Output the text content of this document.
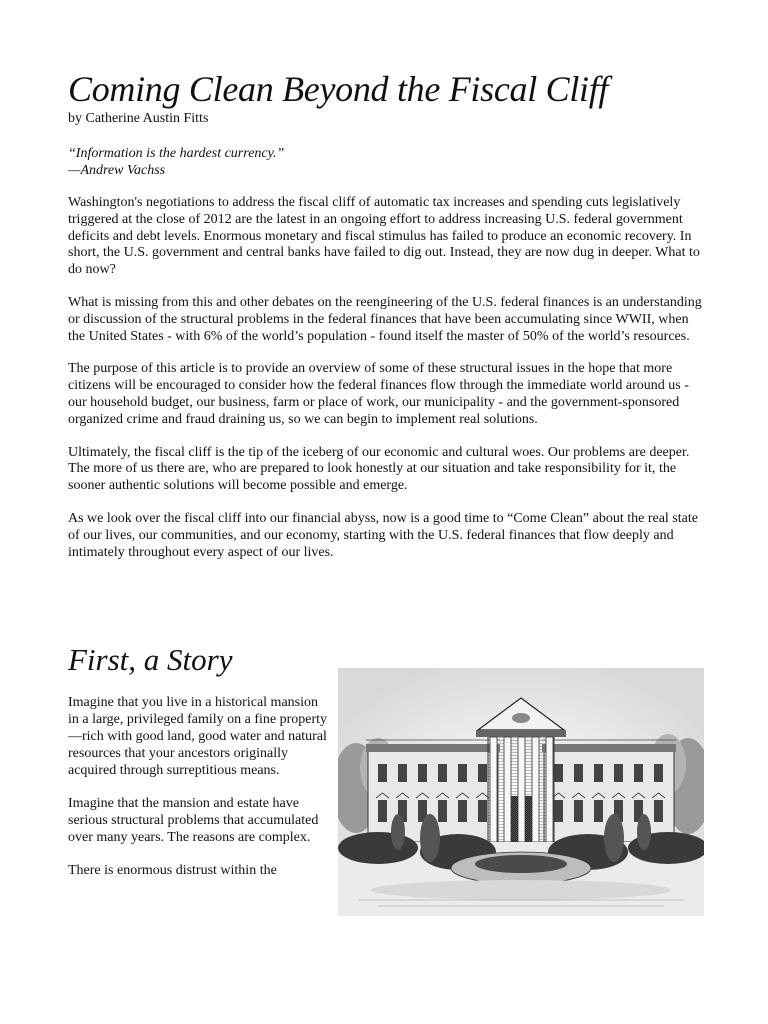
Coming Clean Beyond the Fiscal Cliff
by Catherine Austin Fitts
“Information is the hardest currency.”
—Andrew Vachss

Washington's negotiations to address the fiscal cliff of automatic tax increases and spending cuts legislatively triggered at the close of 2012 are the latest in an ongoing effort to address increasing U.S. federal government deficits and debt levels. Enormous monetary and fiscal stimulus has failed to produce an economic recovery. In short, the U.S. government and central banks have failed to dig out. Instead, they are now dug in deeper. What to do now?

What is missing from this and other debates on the reengineering of the U.S. federal finances is an understanding or discussion of the structural problems in the federal finances that have been accumulating since WWII, when the United States - with 6% of the world’s population - found itself the master of 50% of the world’s resources.

The purpose of this article is to provide an overview of some of these structural issues in the hope that more citizens will be encouraged to consider how the federal finances flow through the immediate world around us - our household budget, our business, farm or place of work, our municipality - and the government-sponsored organized crime and fraud draining us, so we can begin to implement real solutions.

Ultimately, the fiscal cliff is the tip of the iceberg of our economic and cultural woes. Our problems are deeper. The more of us there are, who are prepared to look honestly at our situation and take responsibility for it, the sooner authentic solutions will become possible and emerge.

As we look over the fiscal cliff into our financial abyss, now is a good time to “Come Clean” about the real state of our lives, our communities, and our economy, starting with the U.S. federal finances that flow deeply and intimately throughout every aspect of our lives.

First, a Story

Imagine that you live in a historical mansion in a large, privileged family on a fine property—rich with good land, good water and natural resources that your ancestors originally acquired through surreptitious means.

Imagine that the mansion and estate have serious structural problems that accumulated over many years. The reasons are complex.

There is enormous distrust within the
